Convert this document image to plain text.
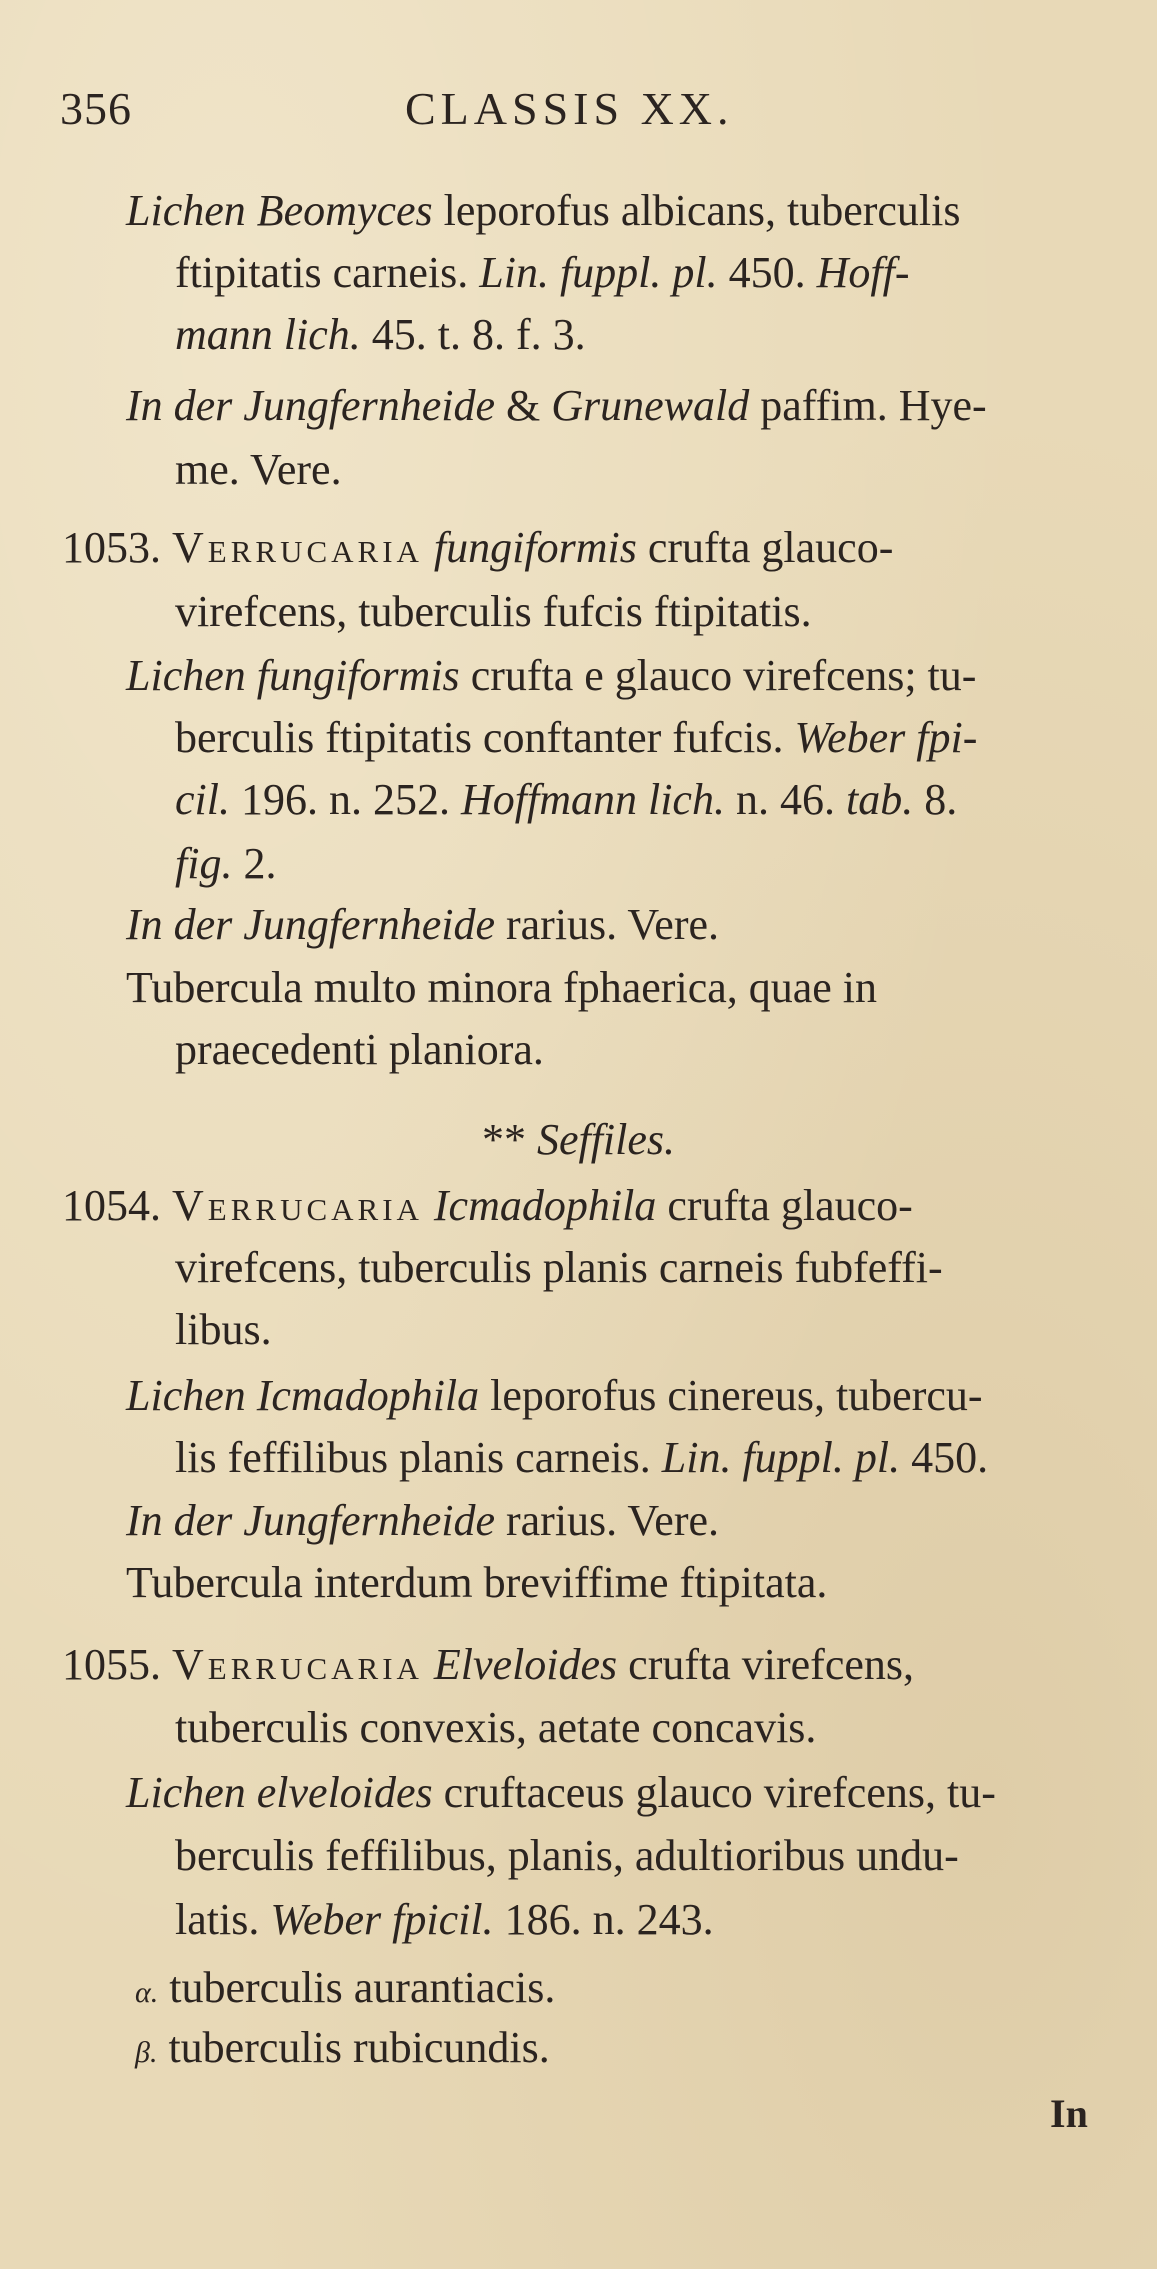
356	CLASSIS XX.
Lichen Beomyces leporofus albicans, tuberculis
ftipitatis carneis. Lin. fuppl. pl. 450. Hoff-
mann lich. 45. t. 8. f. 3.
In der Jungfernheide & Grunewald paffim. Hye-
me. Vere.
1053. Verrucaria fungiformis crufta glauco-
virefcens, tuberculis fufcis ftipitatis.
Lichen fungiformis crufta e glauco virefcens; tu-
berculis ftipitatis conftanter fufcis. Weber fpi-
cil. 196. n. 252. Hoffmann lich. n. 46. tab. 8.
fig. 2.
In der Jungfernheide rarius. Vere.
Tubercula multo minora fphaerica, quae in
praecedenti planiora.
** Seffiles.
1054. Verrucaria Icmadophila crufta glauco-
virefcens, tuberculis planis carneis fubfeffi-
libus.
Lichen Icmadophila leporofus cinereus, tubercu-
lis feffilibus planis carneis. Lin. fuppl. pl. 450.
In der Jungfernheide rarius. Vere.
Tubercula interdum breviffime ftipitata.
1055. Verrucaria Elveloides crufta virefcens,
tuberculis convexis, aetate concavis.
Lichen elveloides cruftaceus glauco virefcens, tu-
berculis feffilibus, planis, adultioribus undu-
latis. Weber fpicil. 186. n. 243.
α. tuberculis aurantiacis.
β. tuberculis rubicundis.
In
